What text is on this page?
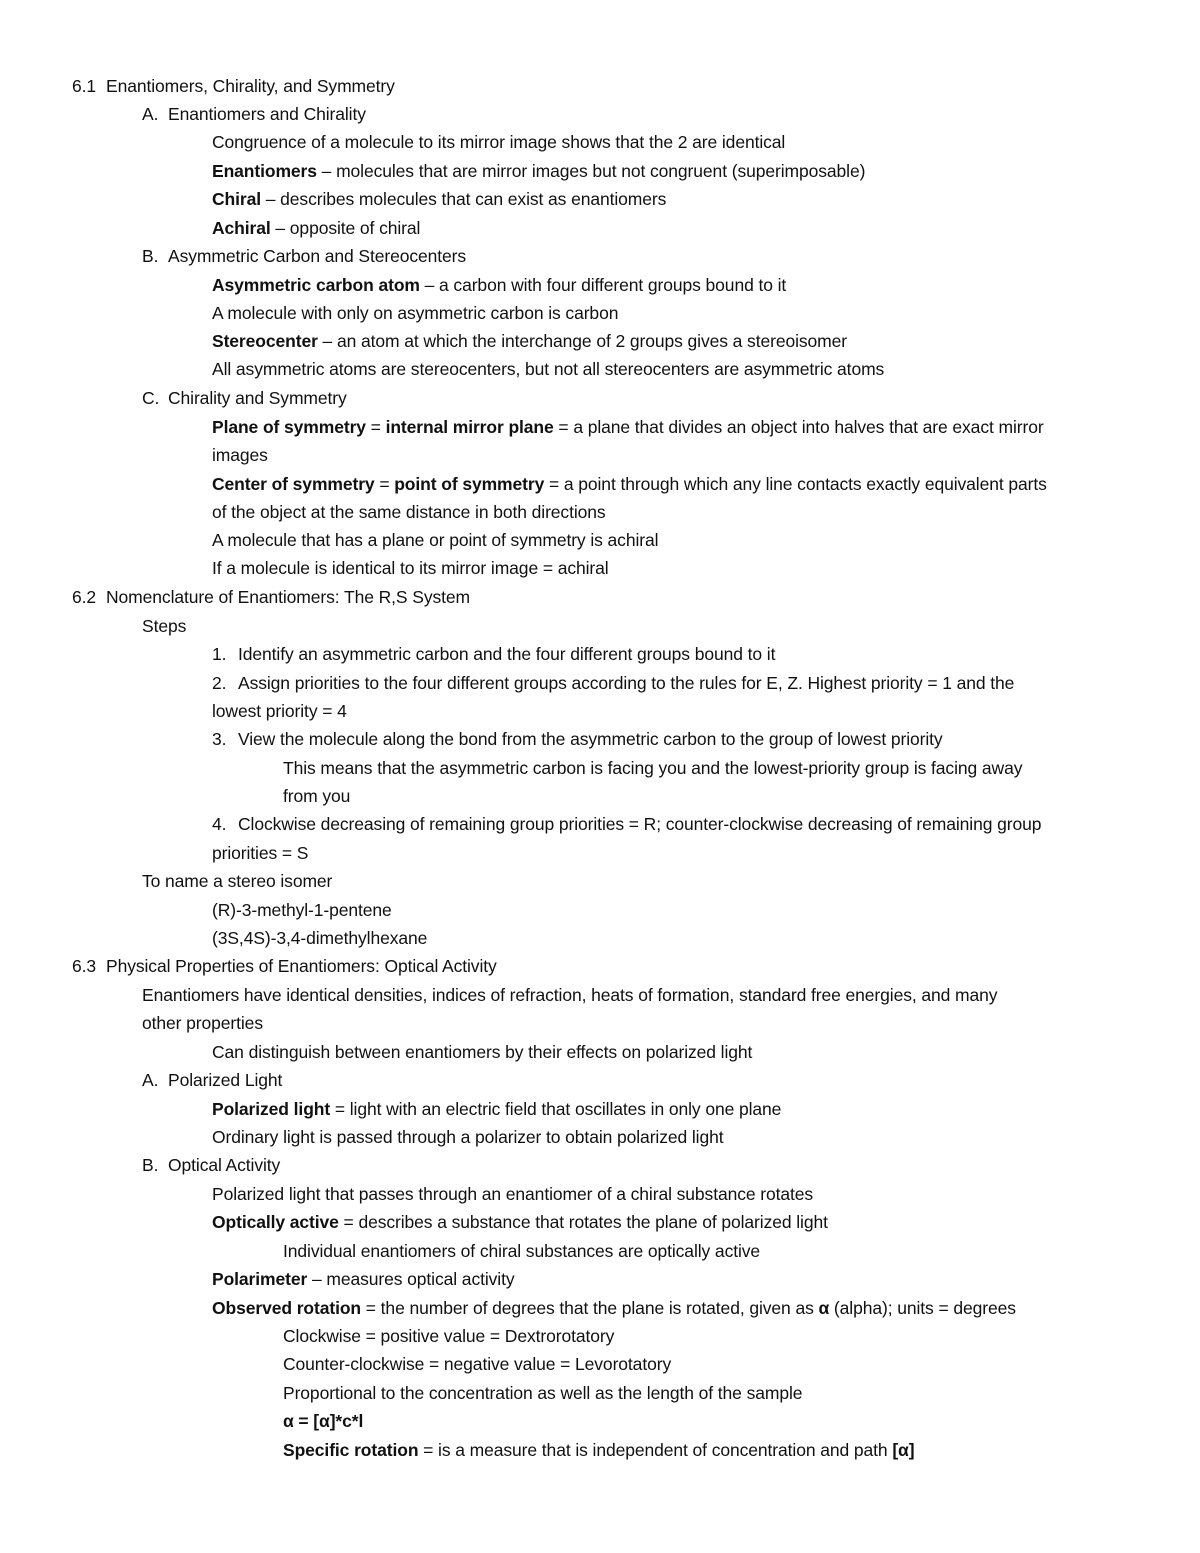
6.1 Enantiomers, Chirality, and Symmetry
A. Enantiomers and Chirality
Congruence of a molecule to its mirror image shows that the 2 are identical
Enantiomers – molecules that are mirror images but not congruent (superimposable)
Chiral – describes molecules that can exist as enantiomers
Achiral – opposite of chiral
B. Asymmetric Carbon and Stereocenters
Asymmetric carbon atom – a carbon with four different groups bound to it
A molecule with only on asymmetric carbon is carbon
Stereocenter – an atom at which the interchange of 2 groups gives a stereoisomer
All asymmetric atoms are stereocenters, but not all stereocenters are asymmetric atoms
C. Chirality and Symmetry
Plane of symmetry = internal mirror plane = a plane that divides an object into halves that are exact mirror
images
Center of symmetry = point of symmetry = a point through which any line contacts exactly equivalent parts
of the object at the same distance in both directions
A molecule that has a plane or point of symmetry is achiral
If a molecule is identical to its mirror image = achiral
6.2 Nomenclature of Enantiomers: The R,S System
Steps
1. Identify an asymmetric carbon and the four different groups bound to it
2. Assign priorities to the four different groups according to the rules for E, Z. Highest priority = 1 and the
lowest priority = 4
3. View the molecule along the bond from the asymmetric carbon to the group of lowest priority
This means that the asymmetric carbon is facing you and the lowest-priority group is facing away
from you
4. Clockwise decreasing of remaining group priorities = R; counter-clockwise decreasing of remaining group
priorities = S
To name a stereo isomer
(R)-3-methyl-1-pentene
(3S,4S)-3,4-dimethylhexane
6.3 Physical Properties of Enantiomers: Optical Activity
Enantiomers have identical densities, indices of refraction, heats of formation, standard free energies, and many
other properties
Can distinguish between enantiomers by their effects on polarized light
A. Polarized Light
Polarized light = light with an electric field that oscillates in only one plane
Ordinary light is passed through a polarizer to obtain polarized light
B. Optical Activity
Polarized light that passes through an enantiomer of a chiral substance rotates
Optically active = describes a substance that rotates the plane of polarized light
Individual enantiomers of chiral substances are optically active
Polarimeter – measures optical activity
Observed rotation = the number of degrees that the plane is rotated, given as α (alpha); units = degrees
Clockwise = positive value = Dextrorotatory
Counter-clockwise = negative value = Levorotatory
Proportional to the concentration as well as the length of the sample
α = [α]*c*l
Specific rotation = is a measure that is independent of concentration and path [α]
